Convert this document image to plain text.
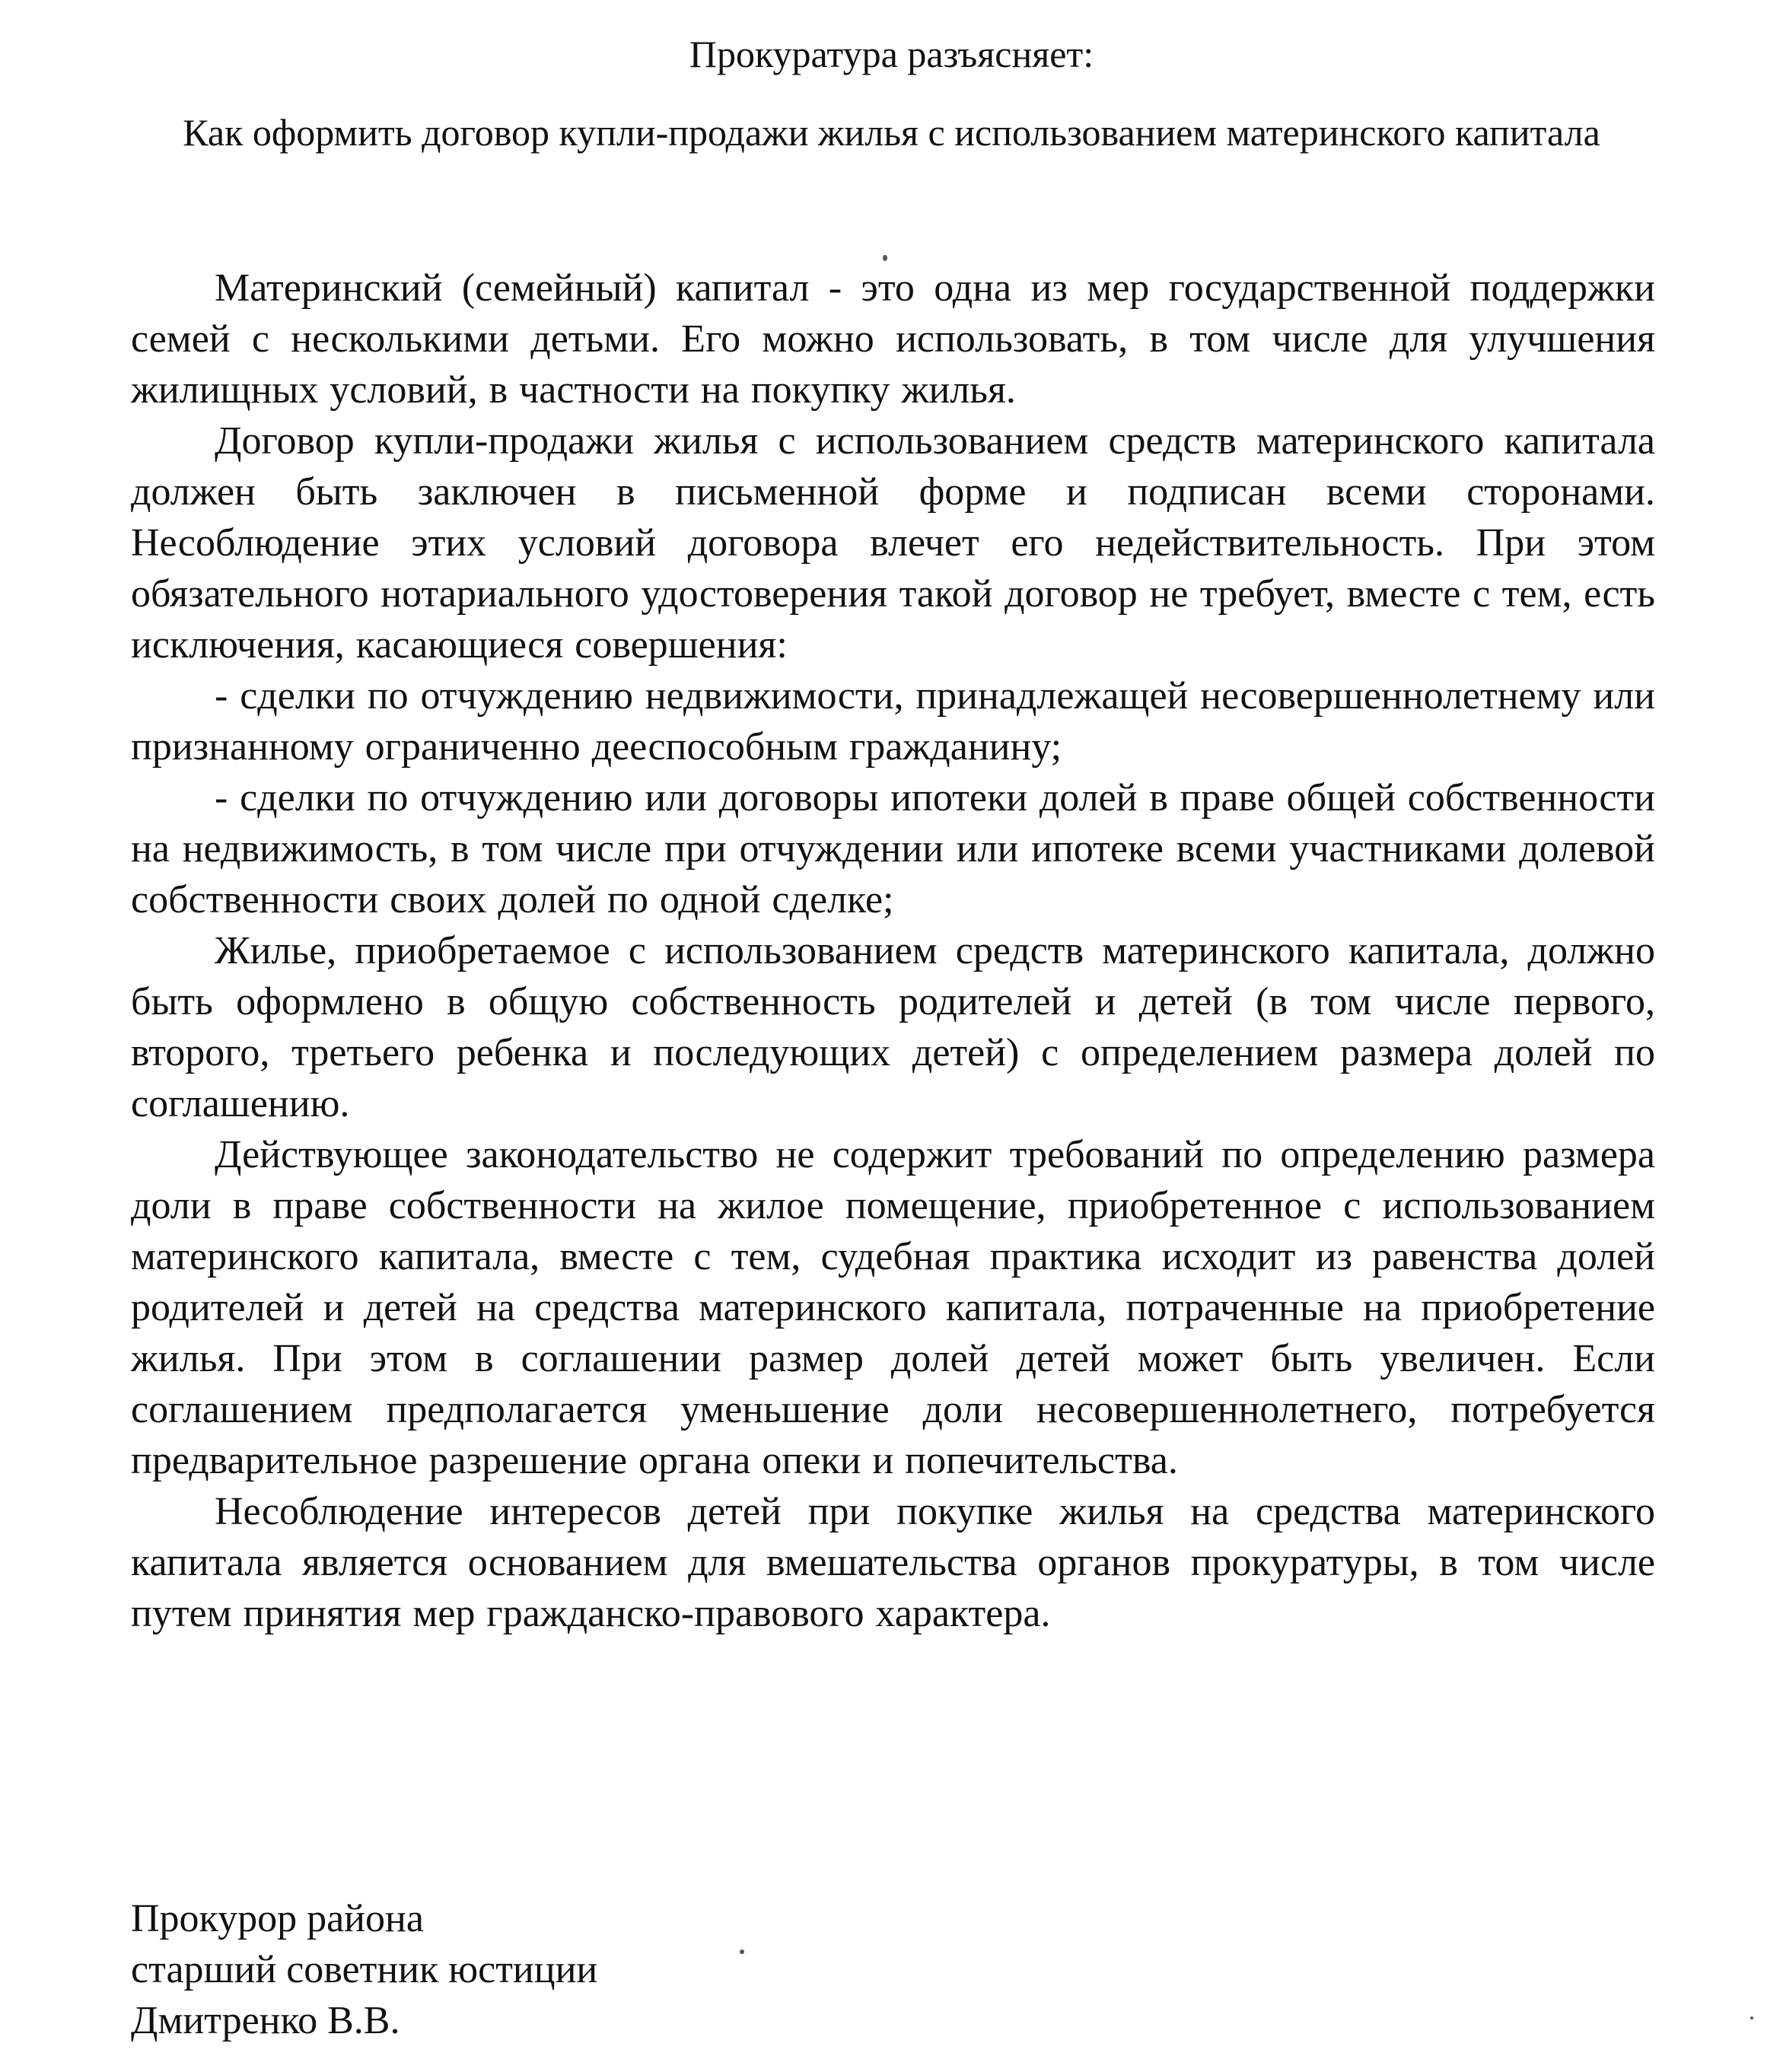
Прокуратура разъясняет:
Как оформить договор купли-продажи жилья с использованием материнского капитала

Материнский (семейный) капитал - это одна из мер государственной поддержки семей с несколькими детьми. Его можно использовать, в том числе для улучшения жилищных условий, в частности на покупку жилья.

Договор купли-продажи жилья с использованием средств материнского капитала должен быть заключен в письменной форме и подписан всеми сторонами. Несоблюдение этих условий договора влечет его недействительность. При этом обязательного нотариального удостоверения такой договор не требует, вместе с тем, есть исключения, касающиеся совершения:

- сделки по отчуждению недвижимости, принадлежащей несовершеннолетнему или признанному ограниченно дееспособным гражданину;

- сделки по отчуждению или договоры ипотеки долей в праве общей собственности на недвижимость, в том числе при отчуждении или ипотеке всеми участниками долевой собственности своих долей по одной сделке;

Жилье, приобретаемое с использованием средств материнского капитала, должно быть оформлено в общую собственность родителей и детей (в том числе первого, второго, третьего ребенка и последующих детей) с определением размера долей по соглашению.

Действующее законодательство не содержит требований по определению размера доли в праве собственности на жилое помещение, приобретенное с использованием материнского капитала, вместе с тем, судебная практика исходит из равенства долей родителей и детей на средства материнского капитала, потраченные на приобретение жилья. При этом в соглашении размер долей детей может быть увеличен. Если соглашением предполагается уменьшение доли несовершеннолетнего, потребуется предварительное разрешение органа опеки и попечительства.

Несоблюдение интересов детей при покупке жилья на средства материнского капитала является основанием для вмешательства органов прокуратуры, в том числе путем принятия мер гражданско-правового характера.

Прокурор района
старший советник юстиции
Дмитренко В.В.
